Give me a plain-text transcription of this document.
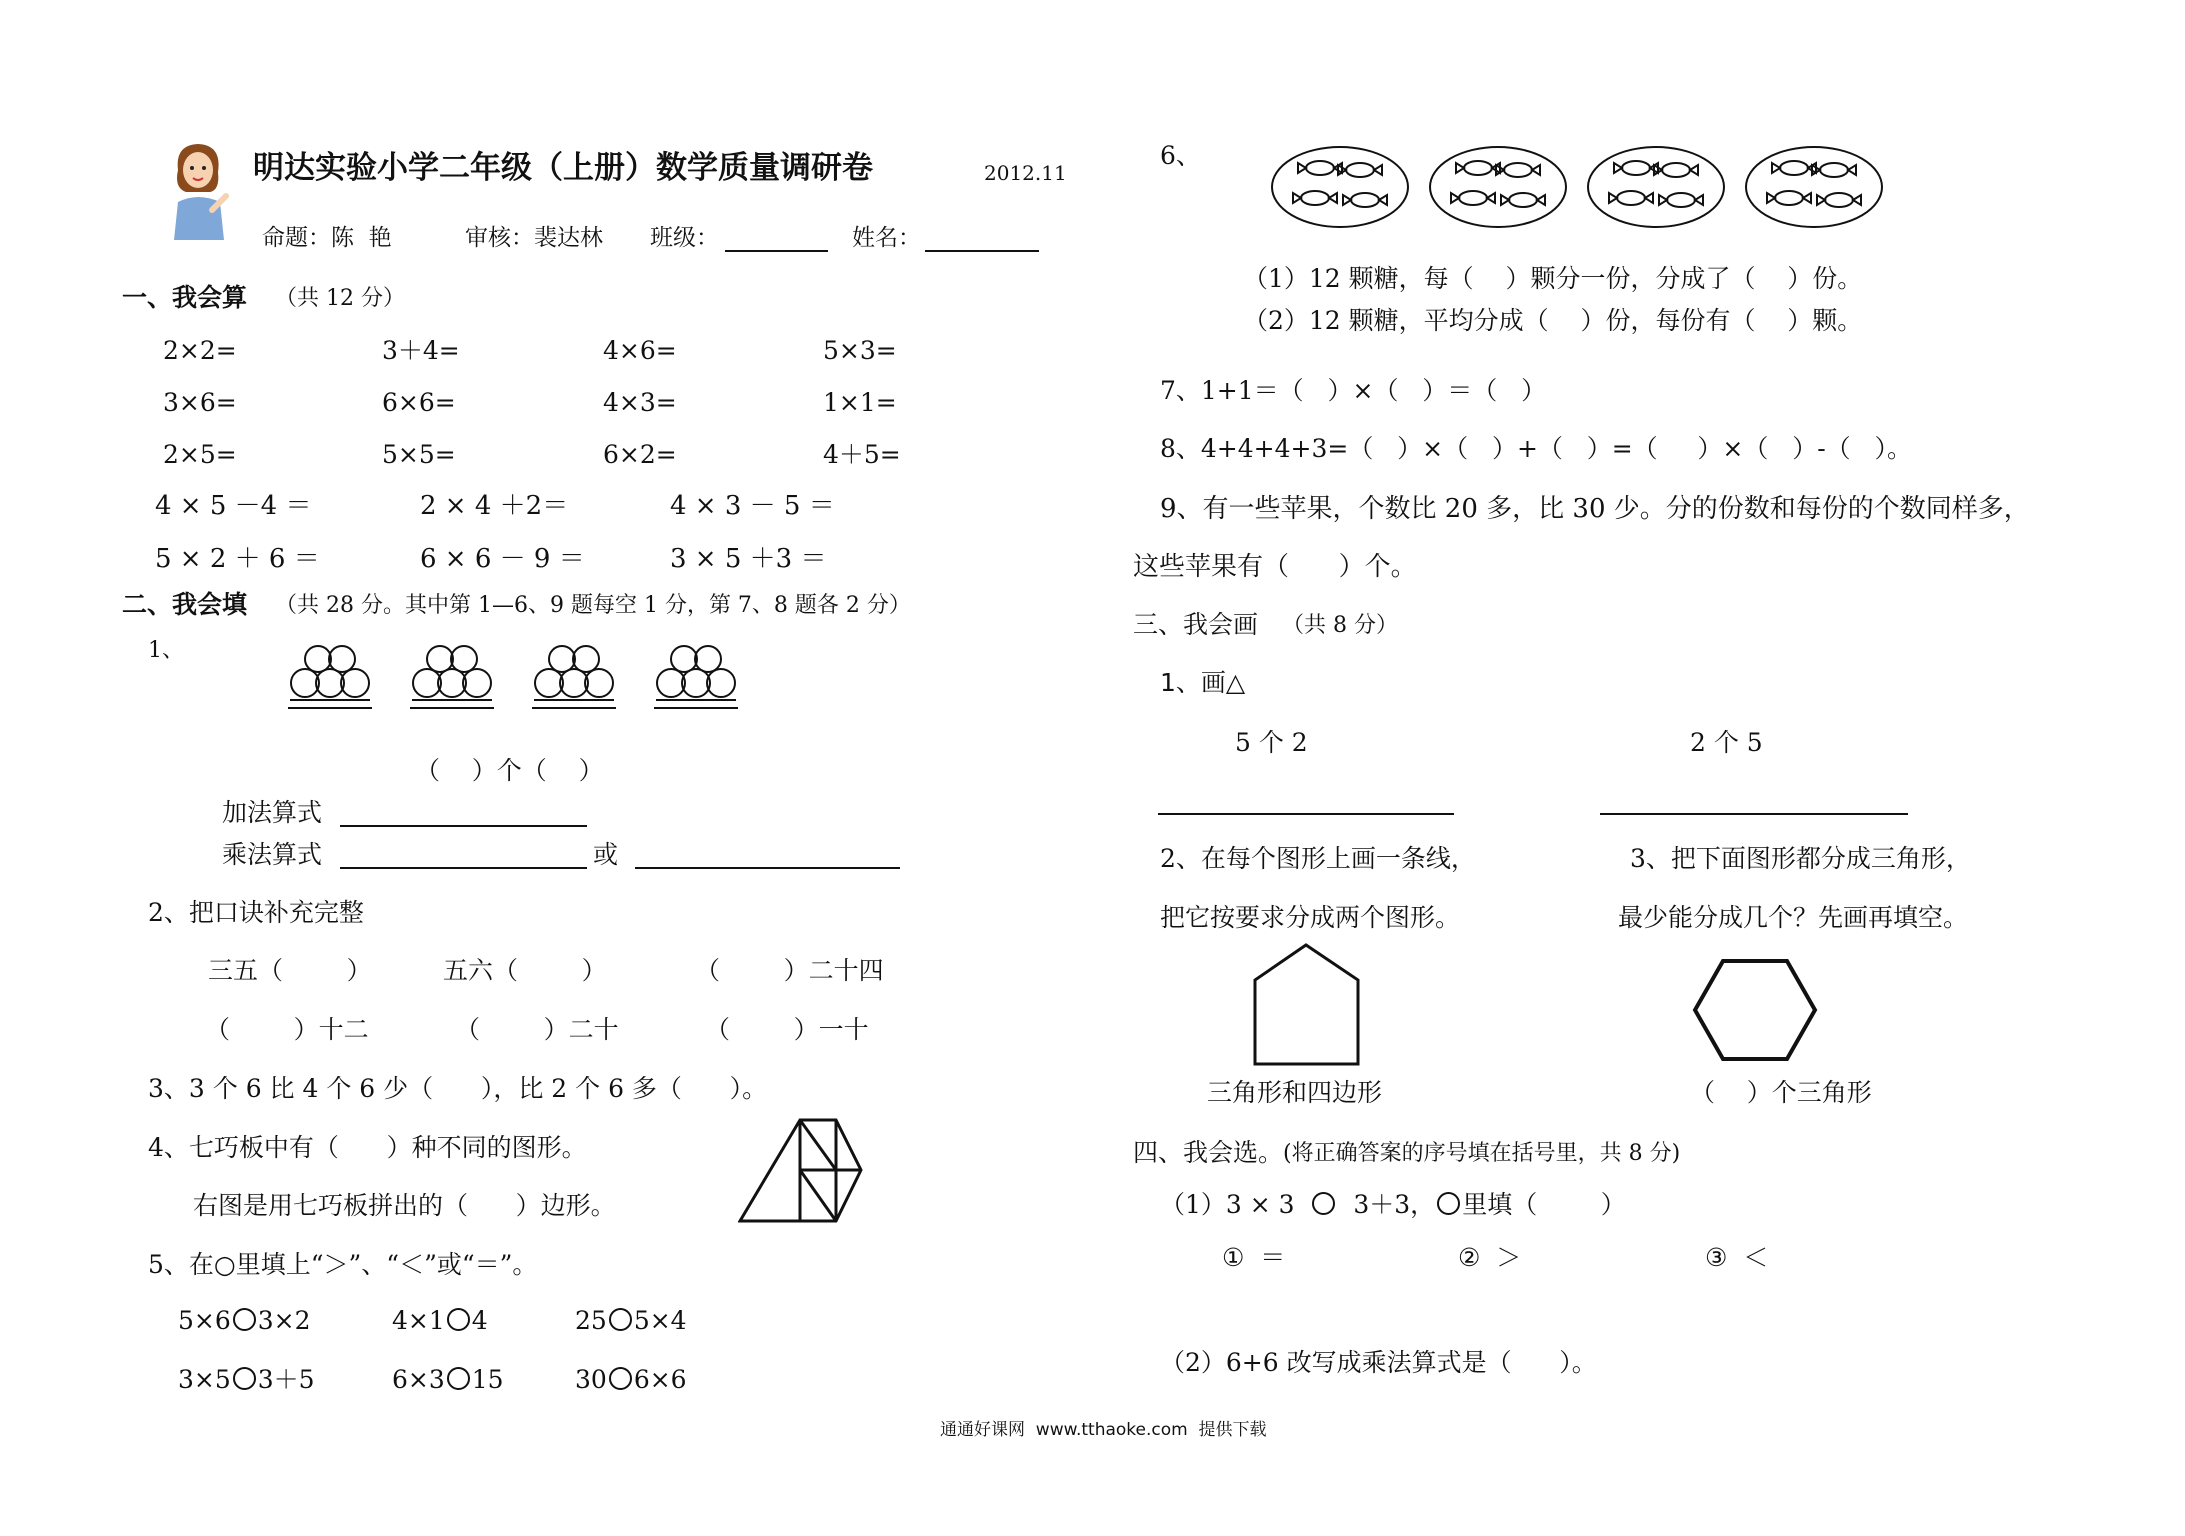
明达实验小学二年级（上册）数学质量调研卷	2012.11
命题：陈  艳	审核：裴达林 班级：	姓名：
一、我会算 （共 12 分）
2×2=	3＋4=	4×6=	5×3=
3×6=	6×6=	4×3=	1×1=
2×5=	5×5=	6×2=	4＋5=
4 × 5 －4 ＝	2 × 4 ＋2＝	4 × 3 － 5 ＝
5 × 2 ＋ 6 ＝	6 × 6 － 9 ＝	3 × 5 ＋3 ＝
二、我会填 （共 28 分。其中第 1—6、9 题每空 1 分，第 7、8 题各 2 分）
1、
（    ）个（    ）
加法算式
乘法算式	或
2、把口诀补充完整
三五（        ）	五六（        ）	（        ）二十四
（        ）十二	（        ）二十	（        ）一十
3、3 个 6 比 4 个 6 少（      ），比 2 个 6 多（      ）。
4、七巧板中有（      ）种不同的图形。
右图是用七巧板拼出的（      ）边形。
5、在○里填上“＞”、“＜”或“＝”。
5×6 3×2	4×1 4	25 5×4
3×5 3＋5	6×3 15	30 6×6
6、
（1）12 颗糖，每（    ）颗分一份，分成了（    ）份。
（2）12 颗糖，平均分成（    ）份，每份有（    ）颗。
7、1+1＝（   ）×（   ）＝（   ）
8、4+4+4+3=（   ）×（   ）+（   ）=（     ）×（   ）-（   ）。
9、有一些苹果，个数比 20 多，比 30 少。分的份数和每份的个数同样多，
这些苹果有（      ）个。
三、我会画 （共 8 分）
1、画△
5 个 2	2 个 5
2、在每个图形上画一条线，
把它按要求分成两个图形。
三角形和四边形
3、把下面图形都分成三角形，
最少能分成几个？先画再填空。
（    ）个三角形
四、我会选。 (将正确答案的序号填在括号里，共 8 分)
（1）3 × 3 3＋3， 里填（        ）
①  ＝	②  ＞	③  ＜
（2）6+6 改写成乘法算式是（      ）。
通通好课网  www.tthaoke.com  提供下载
